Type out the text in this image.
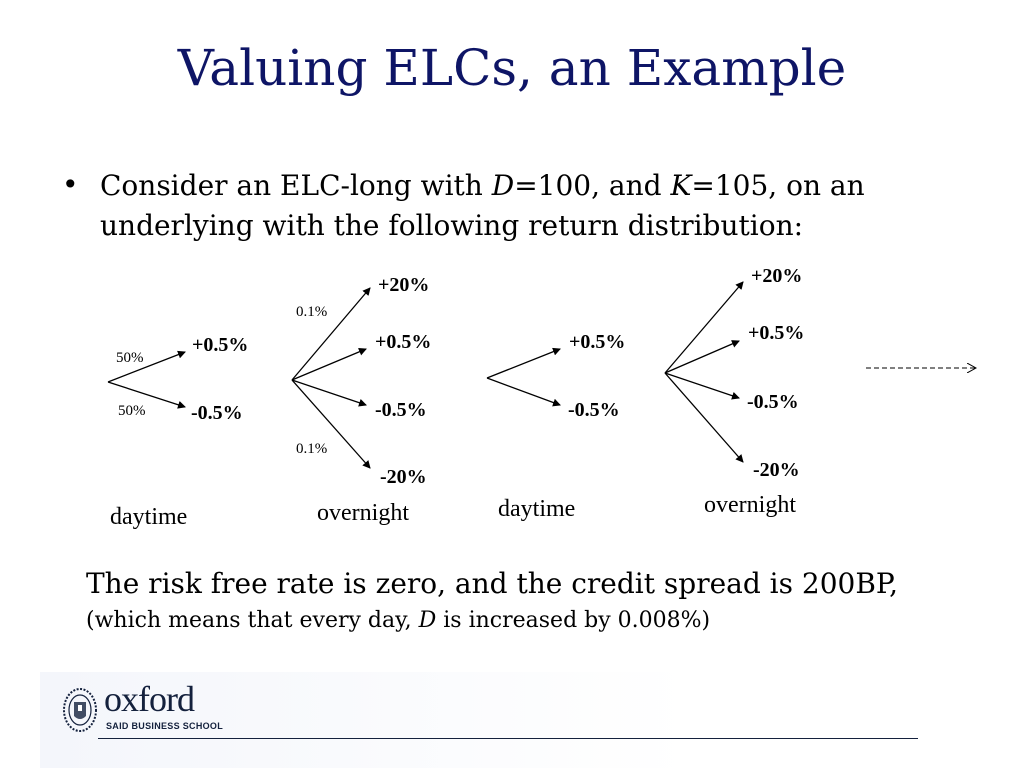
Valuing ELCs, an Example
• Consider an ELC-long with D=100, and K=105, on an underlying with the following return distribution:
50%
50%
+0.5%
-0.5%
daytime
0.1%
0.1%
+20%
+0.5%
-0.5%
-20%
overnight
+0.5%
-0.5%
daytime
+20%
+0.5%
-0.5%
-20%
overnight
The risk free rate is zero, and the credit spread is 200BP,
(which means that every day, D is increased by 0.008%)
oxford
SAID BUSINESS SCHOOL
